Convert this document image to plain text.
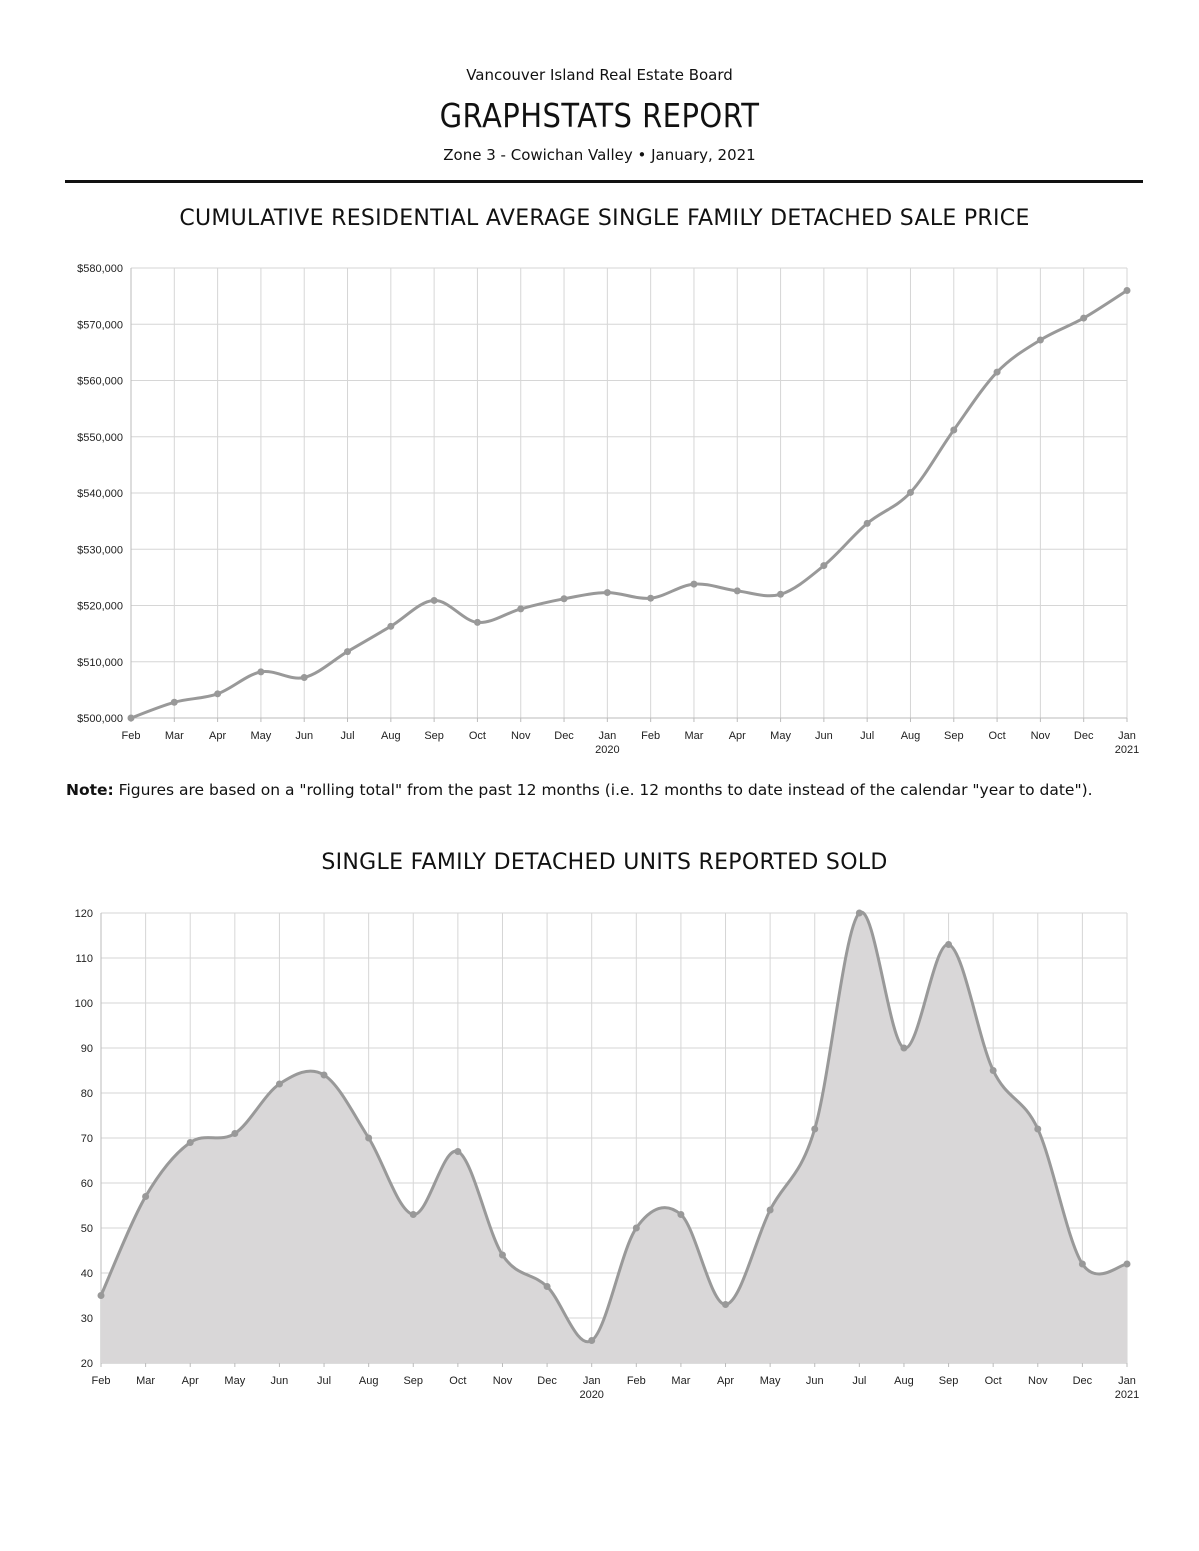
Vancouver Island Real Estate Board
GRAPHSTATS REPORT
Zone 3 - Cowichan Valley • January, 2021
CUMULATIVE RESIDENTIAL AVERAGE SINGLE FAMILY DETACHED SALE PRICE
$500,000
$510,000
$520,000
$530,000
$540,000
$550,000
$560,000
$570,000
$580,000
Feb Mar Apr May Jun Jul Aug Sep Oct Nov Dec Jan
2020
Feb Mar Apr May Jun Jul Aug Sep Oct Nov Dec Jan
2021
Note: Figures are based on a "rolling total" from the past 12 months (i.e. 12 months to date instead of the calendar "year to date").
SINGLE FAMILY DETACHED UNITS REPORTED SOLD
20
30
40
50
60
70
80
90
100
110
120
Feb Mar Apr May Jun	Jul	Aug Sep Oct Nov Dec Jan
2020
Feb Mar Apr May Jun	Jul	Aug Sep Oct Nov Dec Jan
2021
